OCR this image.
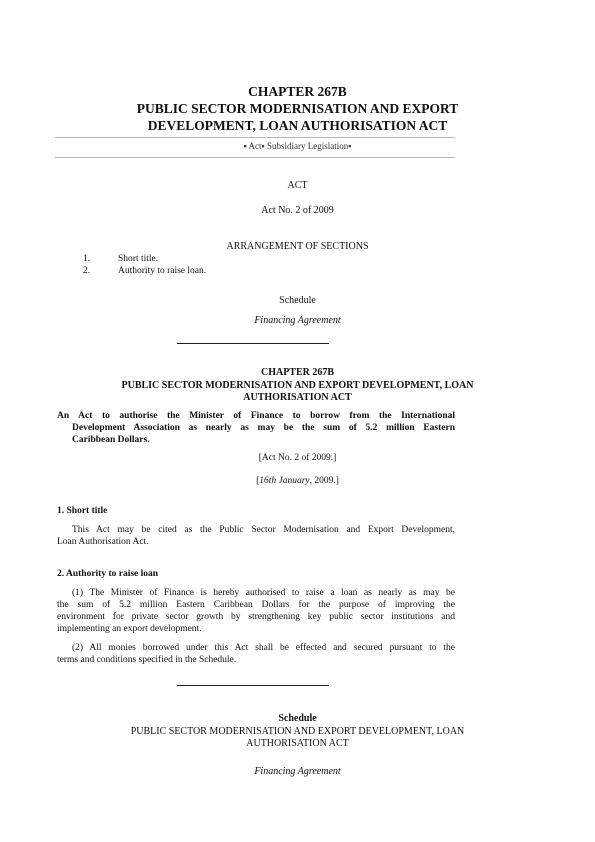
CHAPTER 267B
PUBLIC SECTOR MODERNISATION AND EXPORT
DEVELOPMENT, LOAN AUTHORISATION ACT
▪ Act▪ Subsidiary Legislation▪
ACT
Act No. 2 of 2009
ARRANGEMENT OF SECTIONS
1.	Short title.
2.	Authority to raise loan.
Schedule
Financing Agreement
CHAPTER 267B
PUBLIC SECTOR MODERNISATION AND EXPORT DEVELOPMENT, LOAN
AUTHORISATION ACT
An Act to authorise the Minister of Finance to borrow from the International
Development Association as nearly as may be the sum of 5.2 million Eastern
Caribbean Dollars.
[Act No. 2 of 2009.]
[16th January, 2009.]
1. Short title
This Act may be cited as the Public Sector Modernisation and Export Development,
Loan Authorisation Act.
2. Authority to raise loan
(1) The Minister of Finance is hereby authorised to raise a loan as nearly as may be
the sum of 5.2 million Eastern Caribbean Dollars for the purpose of improving the
environment for private sector growth by strengthening key public sector institutions and
implementing an export development.
(2) All monies borrowed under this Act shall be effected and secured pursuant to the
terms and conditions specified in the Schedule.
Schedule
PUBLIC SECTOR MODERNISATION AND EXPORT DEVELOPMENT, LOAN
AUTHORISATION ACT
Financing Agreement
